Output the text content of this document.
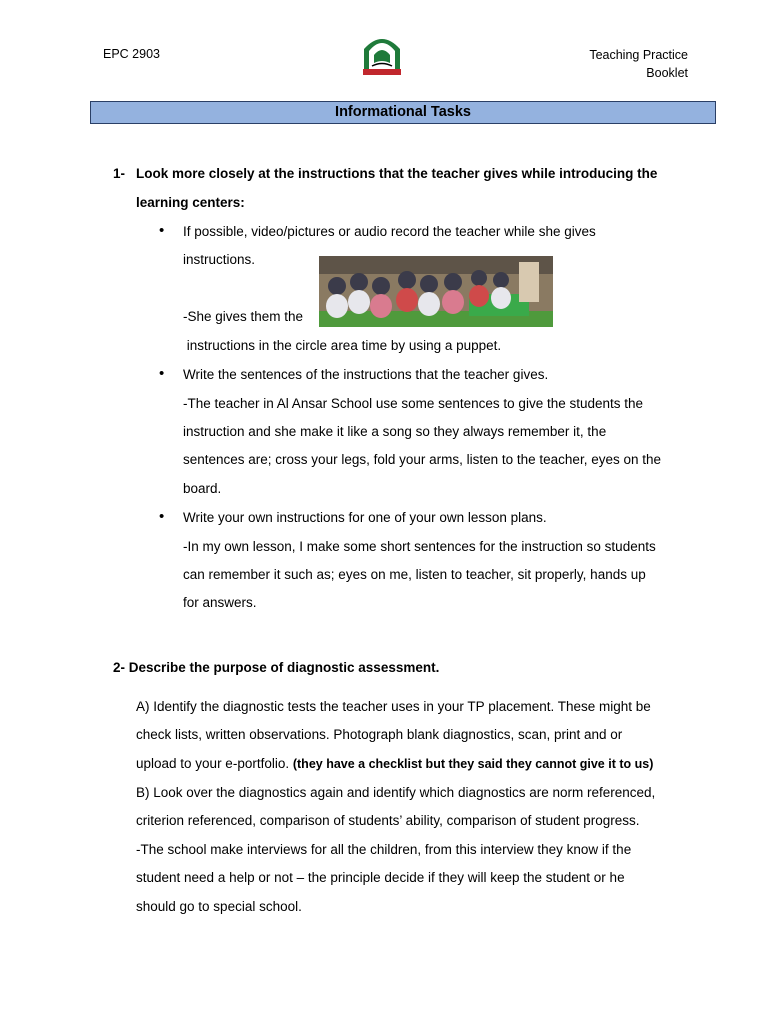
EPC 2903	Teaching Practice
Booklet
Informational Tasks
1- Look more closely at the instructions that the teacher gives while introducing the
learning centers:
• If possible, video/pictures or audio record the teacher while she gives
instructions.
-She gives them the
instructions in the circle area time by using a puppet.
• Write the sentences of the instructions that the teacher gives.
-The teacher in Al Ansar School use some sentences to give the students the
instruction and she make it like a song so they always remember it, the
sentences are; cross your legs, fold your arms, listen to the teacher, eyes on the
board.
• Write your own instructions for one of your own lesson plans.
-In my own lesson, I make some short sentences for the instruction so students
can remember it such as; eyes on me, listen to teacher, sit properly, hands up
for answers.
2- Describe the purpose of diagnostic assessment.
A) Identify the diagnostic tests the teacher uses in your TP placement. These might be
check lists, written observations. Photograph blank diagnostics, scan, print and or
upload to your e-portfolio. (they have a checklist but they said they cannot give it to us)
B) Look over the diagnostics again and identify which diagnostics are norm referenced,
criterion referenced, comparison of students’ ability, comparison of student progress.
-The school make interviews for all the children, from this interview they know if the
student need a help or not – the principle decide if they will keep the student or he
should go to special school.
